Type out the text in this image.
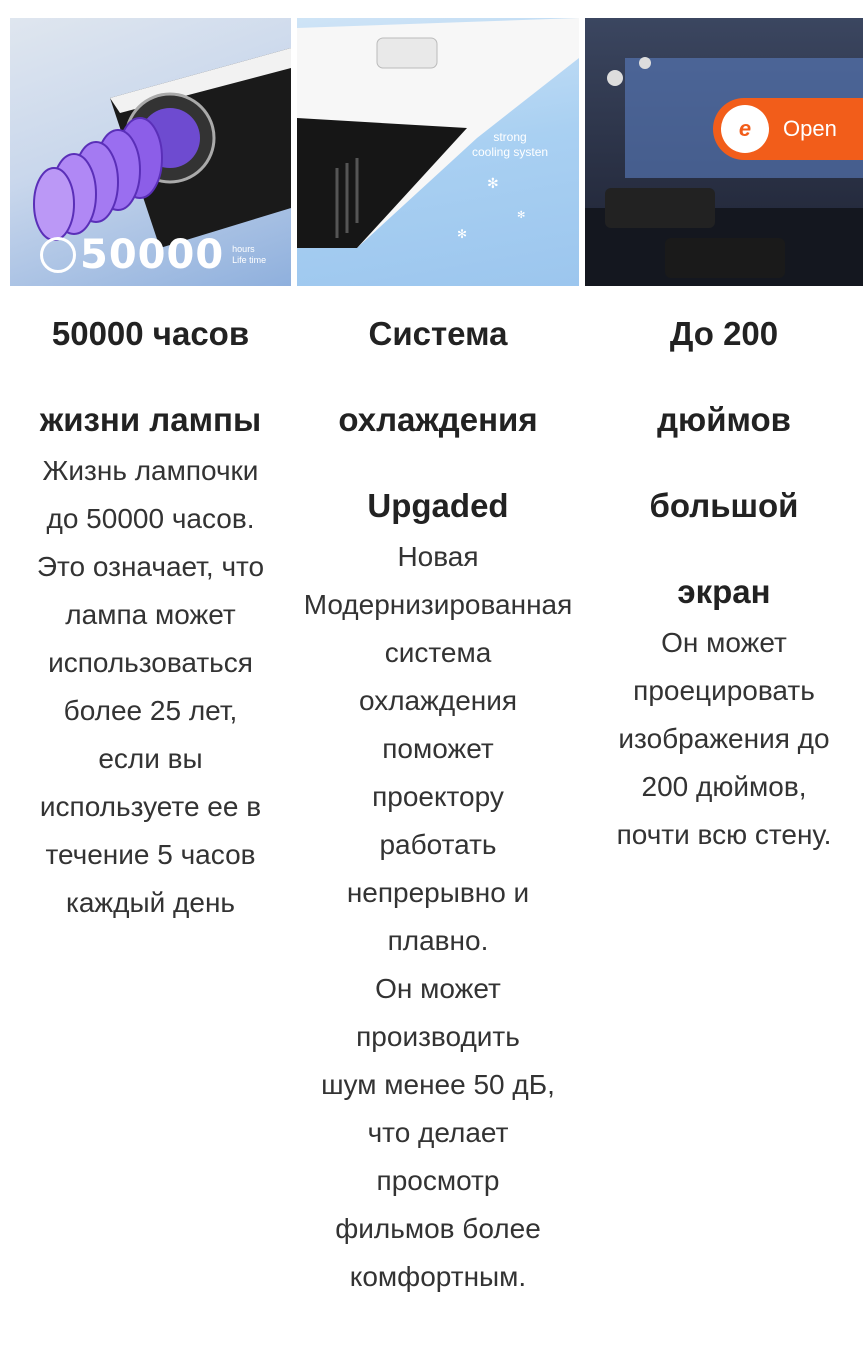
50000 hours
Life time
50000 часов
жизни лампы
Жизнь лампочки
до 50000 часов.
Это означает, что
лампа может
использоваться
более 25 лет,
если вы
используете ее в
течение 5 часов
каждый день
✻
✻
✻
strong
cooling systen
Система
охлаждения
Upgaded
Новая
Модернизированная
система
охлаждения
поможет
проектору
работать
непрерывно и
плавно.
Он может
производить
шум менее 50 дБ,
что делает
просмотр
фильмов более
комфортным.
e	Open
До 200
дюймов
большой
экран
Он может
проецировать
изображения до
200 дюймов,
почти всю стену.
